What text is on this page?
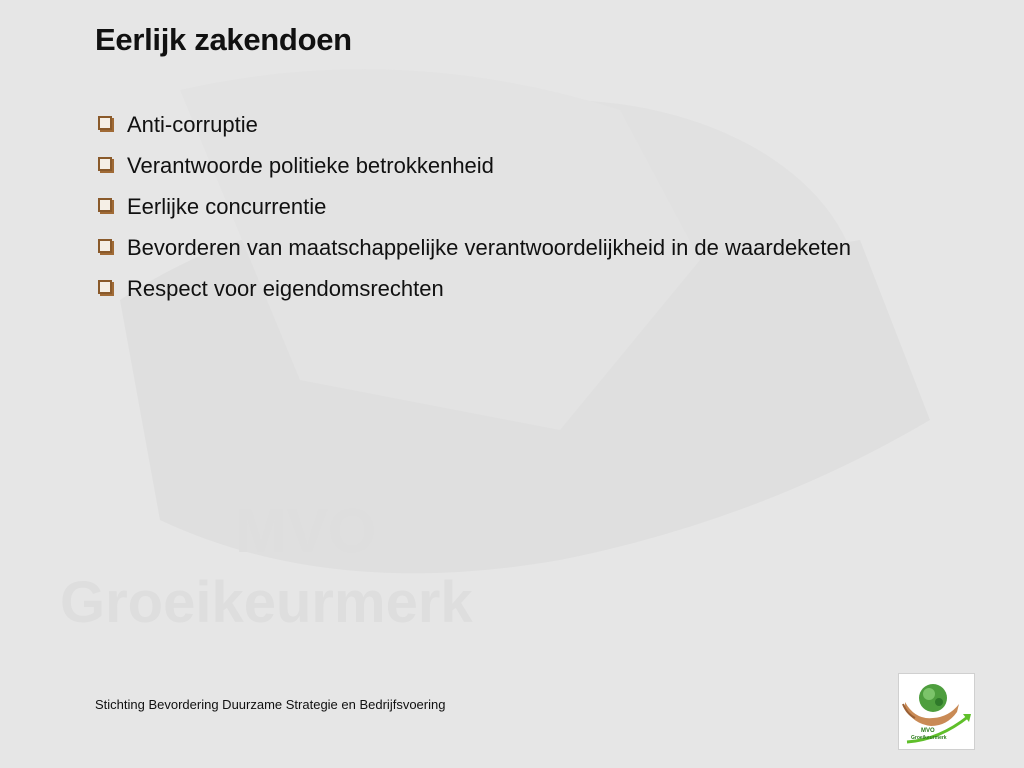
MVO
Groeikeurmerk
Eerlijk zakendoen
Anti-corruptie
Verantwoorde politieke betrokkenheid
Eerlijke concurrentie
Bevorderen van maatschappelijke verantwoordelijkheid in de waardeketen
Respect voor eigendomsrechten
Stichting Bevordering Duurzame Strategie en Bedrijfsvoering
MVO
Groeikeurmerk
